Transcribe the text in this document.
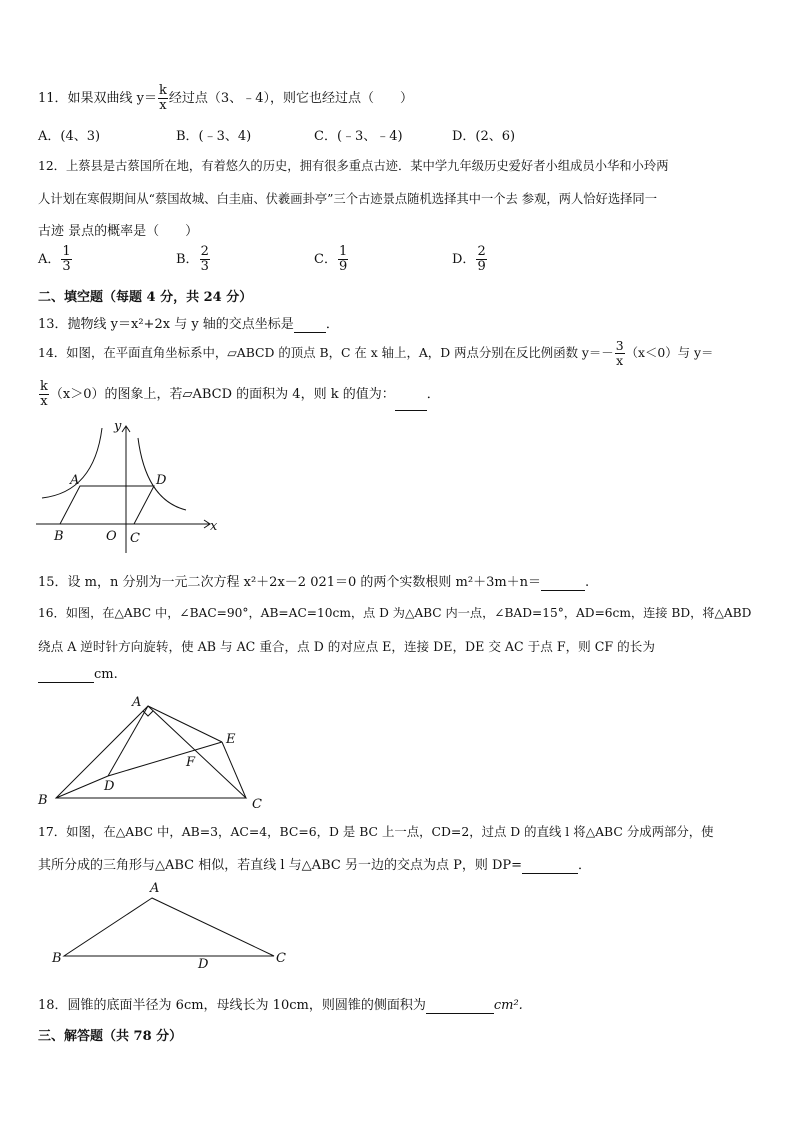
11．如果双曲线 $y= \frac{k}{x}$ 经过点（3、﹣4），则它也经过点（　　）
A．(4、3)	B．(﹣3、4)	C．(﹣3、﹣4)	D．(2、6)
12．上蔡县是古蔡国所在地，有着悠久的历史，拥有很多重点古迹．某中学九年级历史爱好者小组成员小华和小玲两
人计划在寒假期间从“蔡国故城、白圭庙、伏羲画卦亭”三个古迹景点随机选择其中一个去 参观，两人恰好选择同一
古迹 景点的概率是（　　）
A． $\frac{1}{3}$	B． $\frac{2}{3}$	C． $\frac{1}{9}$	D． $\frac{2}{9}$
二、填空题（每题 4 分，共 24 分）
13．抛物线 y＝x²+2x 与 y 轴的交点坐标是 ．
14．如图，在平面直角坐标系中，▱ABCD 的顶点 B，C 在 x 轴上，A，D 两点分别在反比例函数 $y=- \frac{3}{x} (x<0)$与 y＝
$\frac{k}{x} (x>0)$的图象上，若▱ABCD 的面积为 4，则 k 的值为： ．
y
x
A	D
B	O C
15．设 m，n 分别为一元二次方程 x²＋2x－2 021＝0 的两个实数根则 m²＋3m＋n＝	.
16．如图，在△ABC 中，∠BAC=90°，AB=AC=10cm，点 D 为△ABC 内一点，∠BAD=15°，AD=6cm，连接 BD，将△ABD
绕点 A 逆时针方向旋转，使 AB 与 AC 重合，点 D 的对应点 E，连接 DE，DE 交 AC 于点 F，则 CF 的长为
cm.
A
E
F
D
B	C
17．如图，在△ABC 中，AB=3，AC=4，BC=6，D 是 BC 上一点，CD=2，过点 D 的直线 l 将△ABC 分成两部分，使
其所分成的三角形与△ABC 相似，若直线 l 与△ABC 另一边的交点为点 P，则 DP=	．
A
B	D	C
18．圆锥的底面半径为 6cm，母线长为 10cm，则圆锥的侧面积为	cm².
三、解答题（共 78 分）
